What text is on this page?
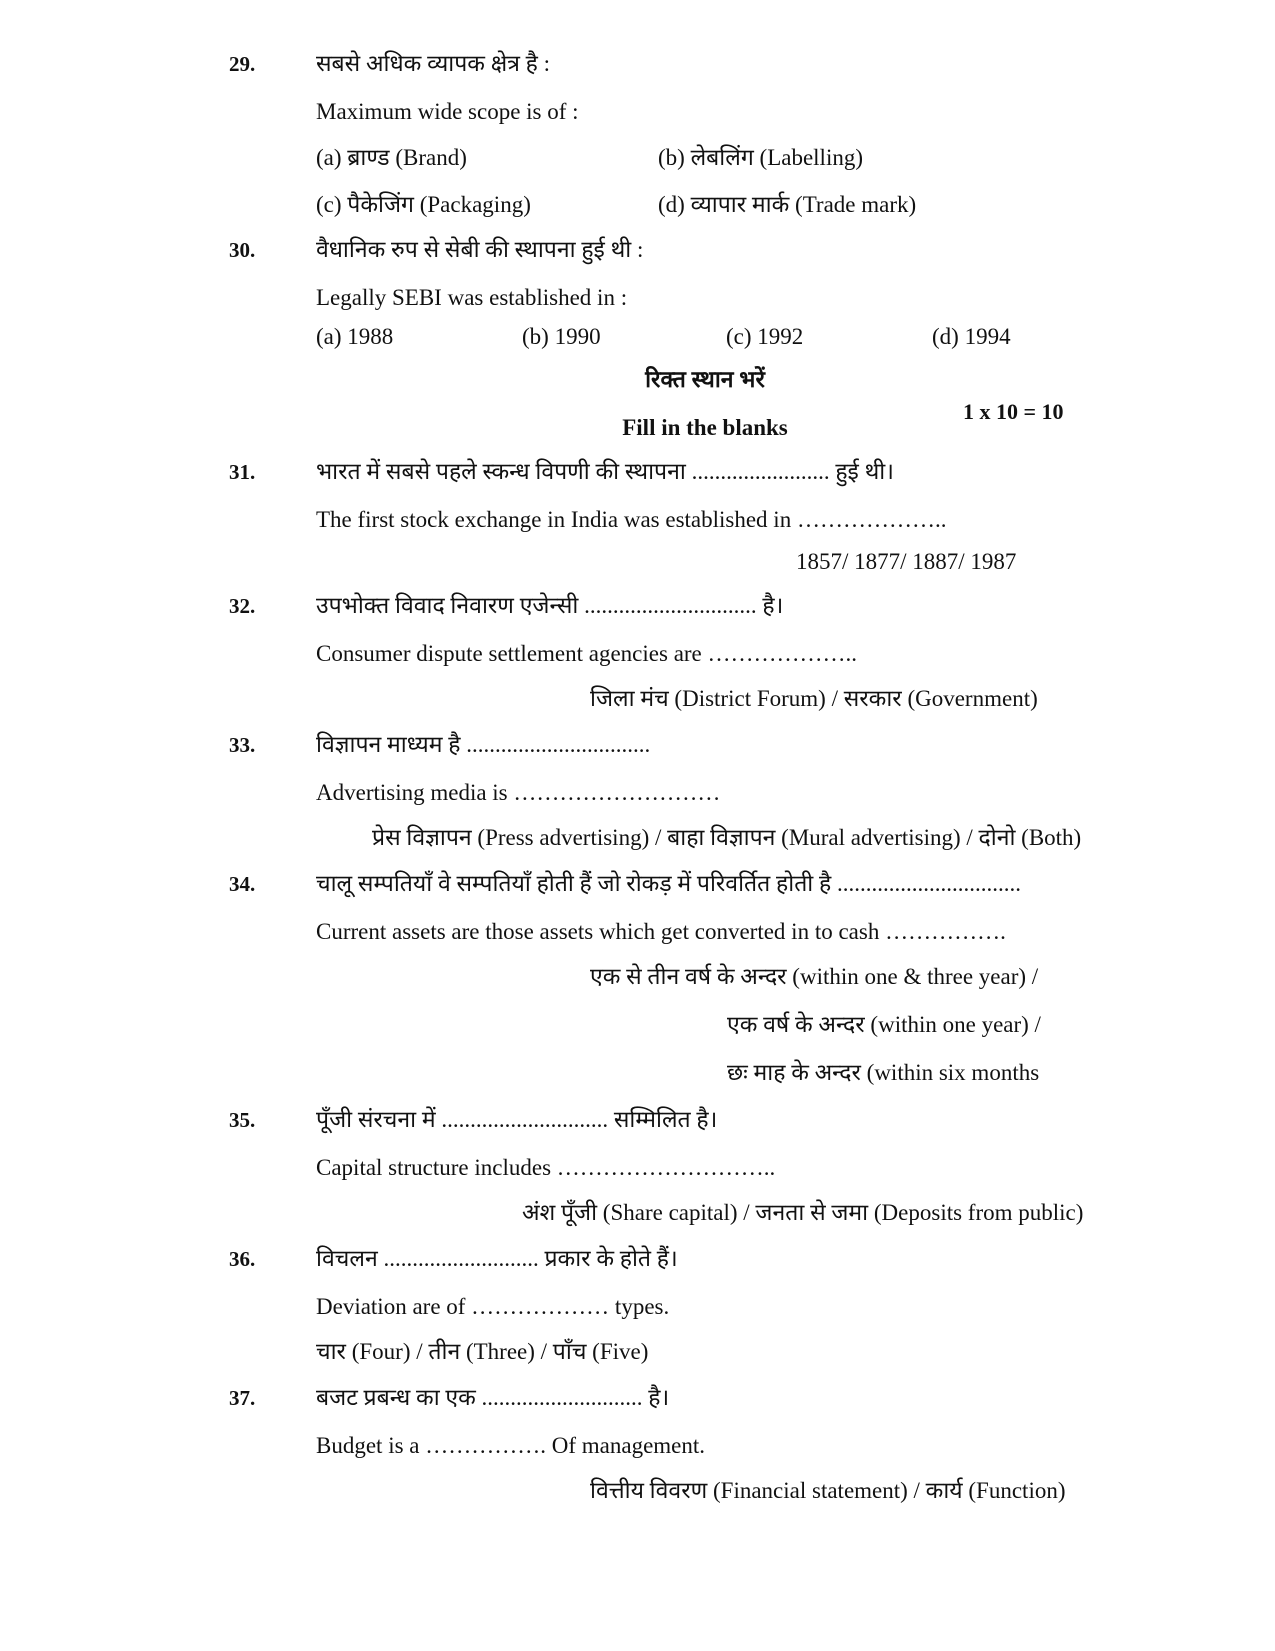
29.	सबसे अधिक व्यापक क्षेत्र है :
Maximum wide scope is of :
(a) ब्राण्ड (Brand)	(b) लेबलिंग (Labelling)
(c) पैकेजिंग (Packaging)	(d) व्यापार मार्क (Trade mark)
30.	वैधानिक रुप से सेबी की स्थापना हुई थी :
Legally SEBI was established in :
(a) 1988	(b) 1990	(c) 1992	(d) 1994
रिक्त स्थान भरें
Fill in the blanks
1 x 10 = 10
31.	भारत में सबसे पहले स्कन्ध विपणी की स्थापना ........................ हुई थी।
The first stock exchange in India was established in ………………..
1857/ 1877/ 1887/ 1987
32.	उपभोक्त विवाद निवारण एजेन्सी .............................. है।
Consumer dispute settlement agencies are ………………..
जिला मंच (District Forum) / सरकार (Government)
33.	विज्ञापन माध्यम है ................................
Advertising media is ………………………
प्रेस विज्ञापन (Press advertising) / बाहा विज्ञापन (Mural advertising) / दोनो (Both)
34.	चालू सम्पतियाँ वे सम्पतियाँ होती हैं जो रोकड़ में परिवर्तित होती है ................................
Current assets are those assets which get converted in to cash …………….
एक से तीन वर्ष के अन्दर (within one & three year) /
एक वर्ष के अन्दर (within one year) /
छः माह के अन्दर (within six months
35.	पूँजी संरचना में ............................. सम्मिलित है।
Capital structure includes ………………………..
अंश पूँजी (Share capital) / जनता से जमा (Deposits from public)
36.	विचलन ........................... प्रकार के होते हैं।
Deviation are of ……………… types.
चार (Four) / तीन (Three) / पाँच (Five)
37.	बजट प्रबन्ध का एक ............................ है।
Budget is a ……………. Of management.
वित्तीय विवरण (Financial statement) / कार्य (Function)
